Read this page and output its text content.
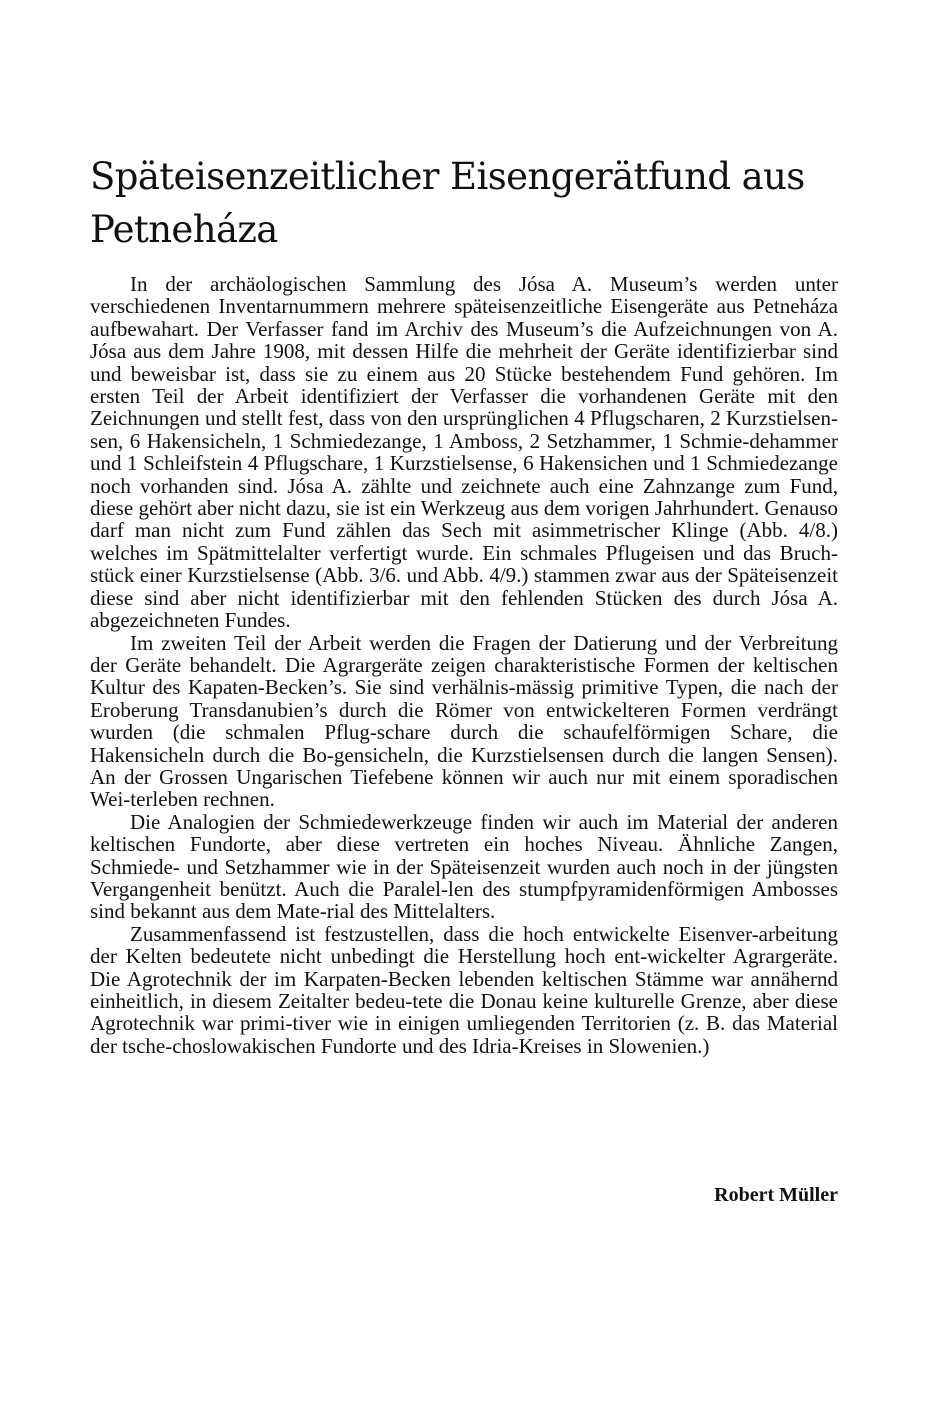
Späteisenzeitlicher Eisengerätfund aus Petneháza

In der archäologischen Sammlung des Jósa A. Museum’s werden unter verschiedenen Inventarnummern mehrere späteisenzeitliche Eisengeräte aus Petneháza aufbewahart. Der Verfasser fand im Archiv des Museum’s die Aufzeichnungen von A. Jósa aus dem Jahre 1908, mit dessen Hilfe die mehrheit der Geräte identifizierbar sind und beweisbar ist, dass sie zu einem aus 20 Stücke bestehendem Fund gehören. Im ersten Teil der Arbeit identifiziert der Verfasser die vorhandenen Geräte mit den Zeichnungen und stellt fest, dass von den ursprünglichen 4 Pflugscharen, 2 Kurzstielsen-sen, 6 Hakensicheln, 1 Schmiedezange, 1 Amboss, 2 Setzhammer, 1 Schmie-dehammer und 1 Schleifstein 4 Pflugschare, 1 Kurzstielsense, 6 Hakensichen und 1 Schmiedezange noch vorhanden sind. Jósa A. zählte und zeichnete auch eine Zahnzange zum Fund, diese gehört aber nicht dazu, sie ist ein Werkzeug aus dem vorigen Jahrhundert. Genauso darf man nicht zum Fund zählen das Sech mit asimmetrischer Klinge (Abb. 4/8.) welches im Spätmittelalter verfertigt wurde. Ein schmales Pflugeisen und das Bruch-stück einer Kurzstielsense (Abb. 3/6. und Abb. 4/9.) stammen zwar aus der Späteisenzeit diese sind aber nicht identifizierbar mit den fehlenden Stücken des durch Jósa A. abgezeichneten Fundes.

Im zweiten Teil der Arbeit werden die Fragen der Datierung und der Verbreitung der Geräte behandelt. Die Agrargeräte zeigen charakteristische Formen der keltischen Kultur des Kapaten-Becken’s. Sie sind verhälnis-mässig primitive Typen, die nach der Eroberung Transdanubien’s durch die Römer von entwickelteren Formen verdrängt wurden (die schmalen Pflug-schare durch die schaufelförmigen Schare, die Hakensicheln durch die Bo-gensicheln, die Kurzstielsensen durch die langen Sensen). An der Grossen Ungarischen Tiefebene können wir auch nur mit einem sporadischen Wei-terleben rechnen.

Die Analogien der Schmiedewerkzeuge finden wir auch im Material der anderen keltischen Fundorte, aber diese vertreten ein hoches Niveau. Ähnliche Zangen, Schmiede- und Setzhammer wie in der Späteisenzeit wurden auch noch in der jüngsten Vergangenheit benützt. Auch die Paralel-len des stumpfpyramidenförmigen Ambosses sind bekannt aus dem Mate-rial des Mittelalters.

Zusammenfassend ist festzustellen, dass die hoch entwickelte Eisenver-arbeitung der Kelten bedeutete nicht unbedingt die Herstellung hoch ent-wickelter Agrargeräte. Die Agrotechnik der im Karpaten-Becken lebenden keltischen Stämme war annähernd einheitlich, in diesem Zeitalter bedeu-tete die Donau keine kulturelle Grenze, aber diese Agrotechnik war primi-tiver wie in einigen umliegenden Territorien (z. B. das Material der tsche-choslowakischen Fundorte und des Idria-Kreises in Slowenien.)

Robert Müller
